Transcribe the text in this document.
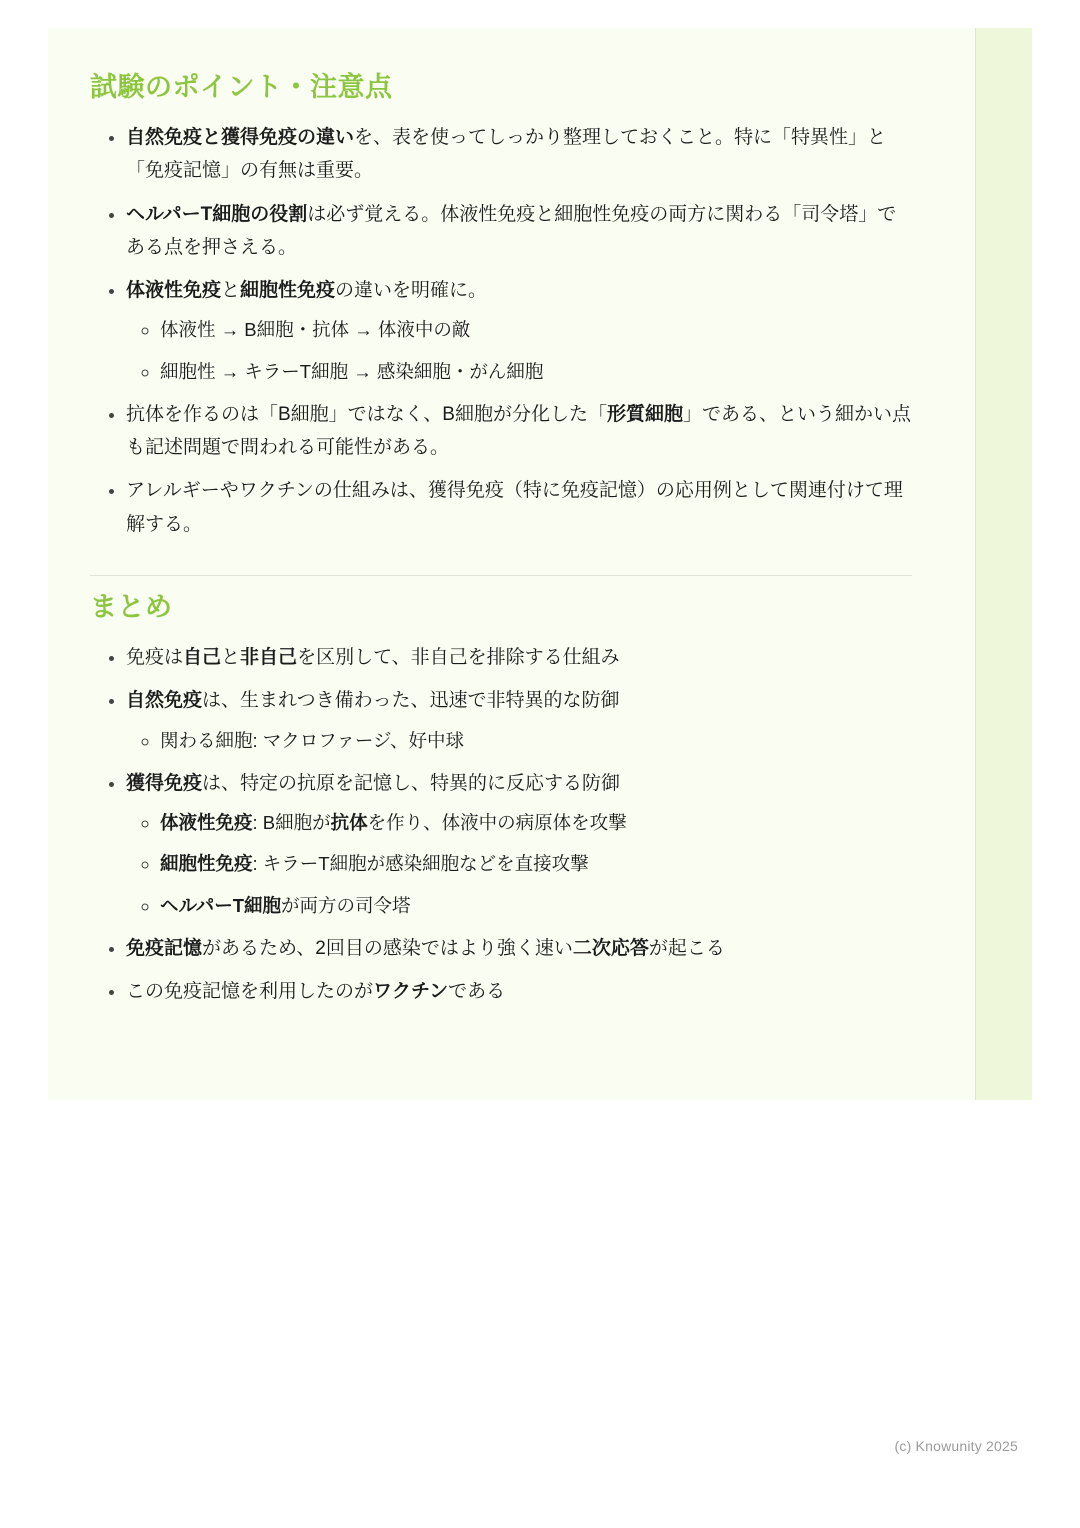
試験のポイント・注意点
• 自然免疫と獲得免疫の違いを、表を使ってしっかり整理しておくこと。特に「特異性」と「免疫記憶」の有無は重要。
• ヘルパーT細胞の役割は必ず覚える。体液性免疫と細胞性免疫の両方に関わる「司令塔」である点を押さえる。
• 体液性免疫と細胞性免疫の違いを明確に。
◦ 体液性 → B細胞・抗体 → 体液中の敵
◦ 細胞性 → キラーT細胞 → 感染細胞・がん細胞
• 抗体を作るのは「B細胞」ではなく、B細胞が分化した「形質細胞」である、という細かい点も記述問題で問われる可能性がある。
• アレルギーやワクチンの仕組みは、獲得免疫（特に免疫記憶）の応用例として関連付けて理解する。
まとめ
• 免疫は自己と非自己を区別して、非自己を排除する仕組み
• 自然免疫は、生まれつき備わった、迅速で非特異的な防御
◦ 関わる細胞: マクロファージ、好中球
• 獲得免疫は、特定の抗原を記憶し、特異的に反応する防御
◦ 体液性免疫: B細胞が抗体を作り、体液中の病原体を攻撃
◦ 細胞性免疫: キラーT細胞が感染細胞などを直接攻撃
◦ ヘルパーT細胞が両方の司令塔
• 免疫記憶があるため、2回目の感染ではより強く速い二次応答が起こる
• この免疫記憶を利用したのがワクチンである
(c) Knowunity 2025
